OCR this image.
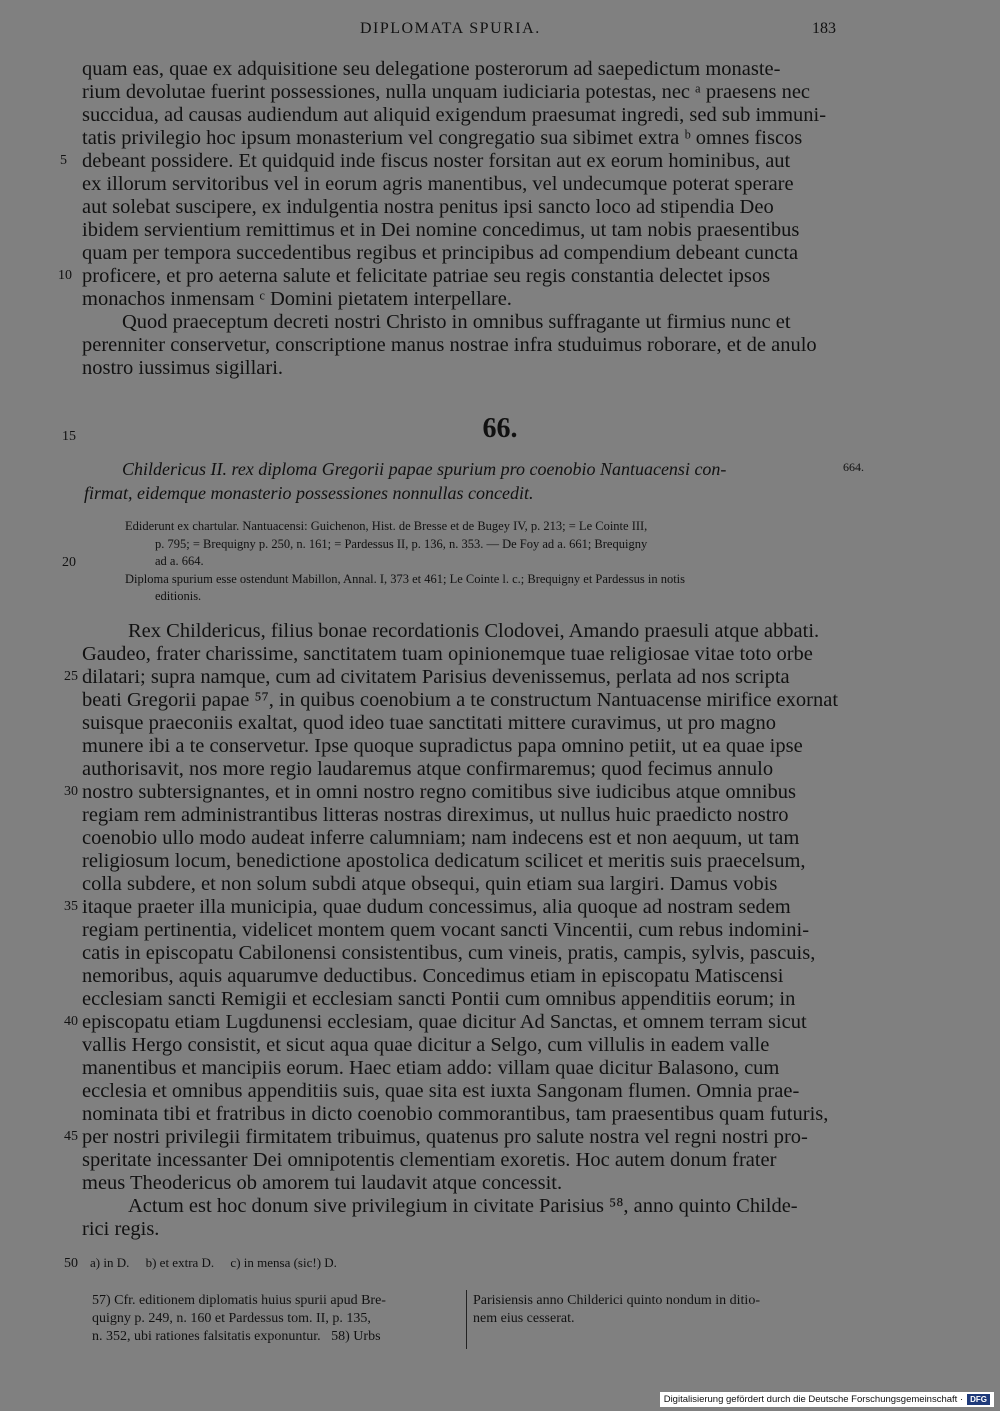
DIPLOMATA SPURIA.	183
quam eas, quae ex adquisitione seu delegatione posterorum ad saepedictum monaste-
rium devolutae fuerint possessiones, nulla unquam iudiciaria potestas, nec ᵃ praesens nec
succidua, ad causas audiendum aut aliquid exigendum praesumat ingredi, sed sub immuni-
tatis privilegio hoc ipsum monasterium vel congregatio sua sibimet extra ᵇ omnes fiscos
debeant possidere. Et quidquid inde fiscus noster forsitan aut ex eorum hominibus, aut
ex illorum servitoribus vel in eorum agris manentibus, vel undecumque poterat sperare
aut solebat suscipere, ex indulgentia nostra penitus ipsi sancto loco ad stipendia Deo
ibidem servientium remittimus et in Dei nomine concedimus, ut tam nobis praesentibus
quam per tempora succedentibus regibus et principibus ad compendium debeant cuncta
proficere, et pro aeterna salute et felicitate patriae seu regis constantia delectet ipsos
monachos inmensam ᶜ Domini pietatem interpellare.
Quod praeceptum decreti nostri Christo in omnibus suffragante ut firmius nunc et
perenniter conservetur, conscriptione manus nostrae infra studuimus roborare, et de anulo
nostro iussimus sigillari.
5
10
15
20
25
30
35
40
45
50
66.
Childericus II. rex diploma Gregorii papae spurium pro coenobio Nantuacensi con-
firmat, eidemque monasterio possessiones nonnullas concedit.
664.
Ediderunt ex chartular. Nantuacensi: Guichenon, Hist. de Bresse et de Bugey IV, p. 213; = Le Cointe III,
p. 795; = Brequigny p. 250, n. 161; = Pardessus II, p. 136, n. 353. — De Foy ad a. 661; Brequigny
ad a. 664.
Diploma spurium esse ostendunt Mabillon, Annal. I, 373 et 461; Le Cointe l. c.; Brequigny et Pardessus in notis
editionis.
Rex Childericus, filius bonae recordationis Clodovei, Amando praesuli atque abbati.
Gaudeo, frater charissime, sanctitatem tuam opinionemque tuae religiosae vitae toto orbe
dilatari; supra namque, cum ad civitatem Parisius devenissemus, perlata ad nos scripta
beati Gregorii papae ⁵⁷, in quibus coenobium a te constructum Nantuacense mirifice exornat
suisque praeconiis exaltat, quod ideo tuae sanctitati mittere curavimus, ut pro magno
munere ibi a te conservetur. Ipse quoque supradictus papa omnino petiit, ut ea quae ipse
authorisavit, nos more regio laudaremus atque confirmaremus; quod fecimus annulo
nostro subtersignantes, et in omni nostro regno comitibus sive iudicibus atque omnibus
regiam rem administrantibus litteras nostras direximus, ut nullus huic praedicto nostro
coenobio ullo modo audeat inferre calumniam; nam indecens est et non aequum, ut tam
religiosum locum, benedictione apostolica dedicatum scilicet et meritis suis praecelsum,
colla subdere, et non solum subdi atque obsequi, quin etiam sua largiri. Damus vobis
itaque praeter illa municipia, quae dudum concessimus, alia quoque ad nostram sedem
regiam pertinentia, videlicet montem quem vocant sancti Vincentii, cum rebus indomini-
catis in episcopatu Cabilonensi consistentibus, cum vineis, pratis, campis, sylvis, pascuis,
nemoribus, aquis aquarumve deductibus. Concedimus etiam in episcopatu Matiscensi
ecclesiam sancti Remigii et ecclesiam sancti Pontii cum omnibus appenditiis eorum; in
episcopatu etiam Lugdunensi ecclesiam, quae dicitur Ad Sanctas, et omnem terram sicut
vallis Hergo consistit, et sicut aqua quae dicitur a Selgo, cum villulis in eadem valle
manentibus et mancipiis eorum. Haec etiam addo: villam quae dicitur Balasono, cum
ecclesia et omnibus appenditiis suis, quae sita est iuxta Sangonam flumen. Omnia prae-
nominata tibi et fratribus in dicto coenobio commorantibus, tam praesentibus quam futuris,
per nostri privilegii firmitatem tribuimus, quatenus pro salute nostra vel regni nostri pro-
speritate incessanter Dei omnipotentis clementiam exoretis. Hoc autem donum frater
meus Theodericus ob amorem tui laudavit atque concessit.
Actum est hoc donum sive privilegium in civitate Parisius ⁵⁸, anno quinto Childe-
rici regis.
a) in D.     b) et extra D.     c) in mensa (sic!) D.
57) Cfr. editionem diplomatis huius spurii apud Bre-
quigny p. 249, n. 160 et Pardessus tom. II, p. 135,
n. 352, ubi rationes falsitatis exponuntur.   58) Urbs
Parisiensis anno Childerici quinto nondum in ditio-
nem eius cesserat.
Digitalisierung gefördert durch die Deutsche Forschungsgemeinschaft · DFG
